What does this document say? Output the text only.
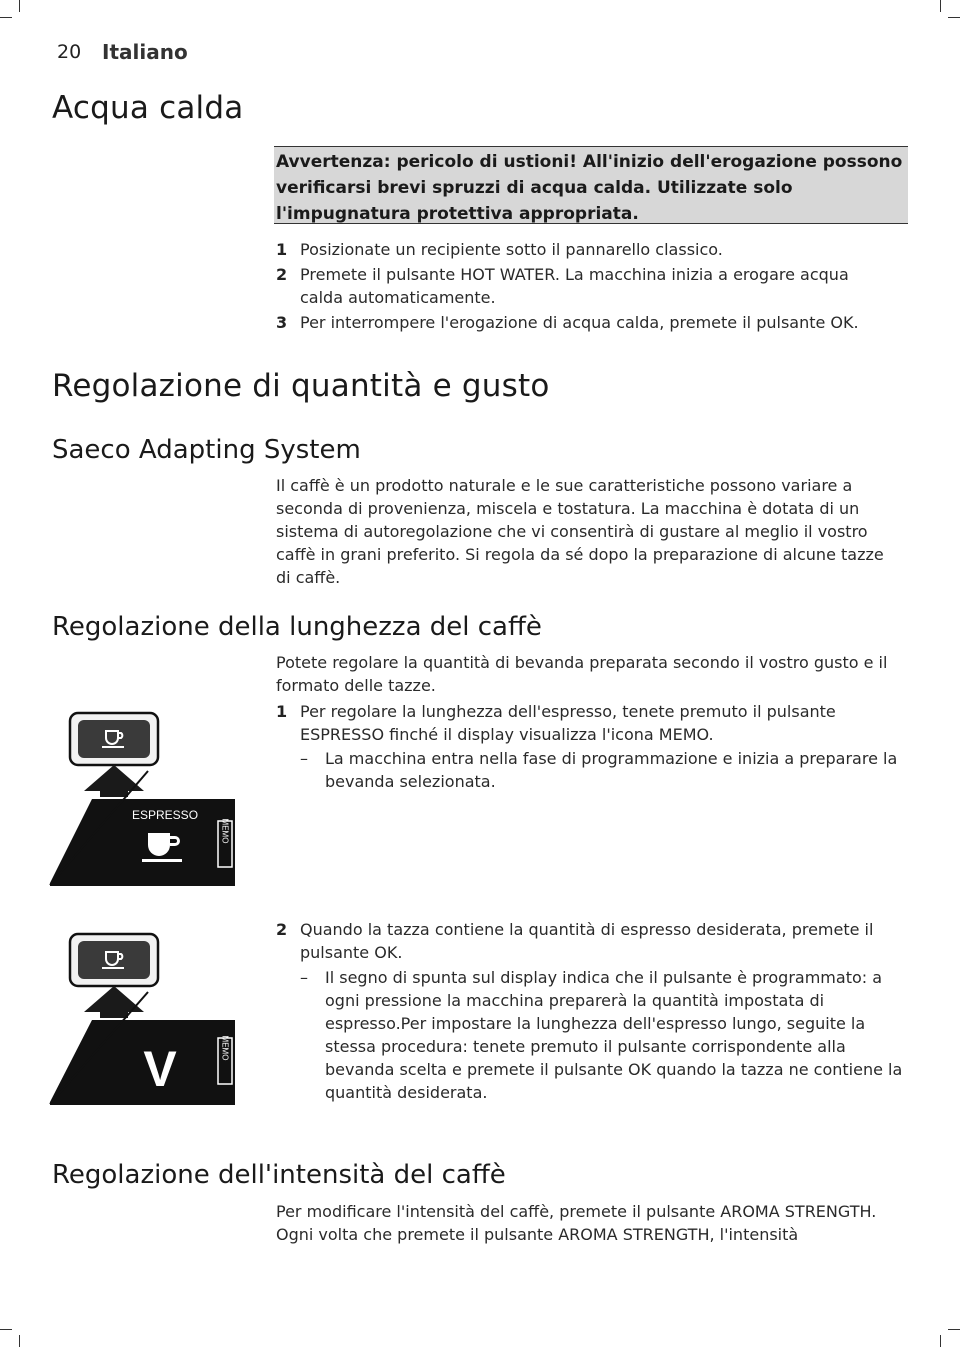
20 Italiano
Acqua calda
Avvertenza: pericolo di ustioni! All'inizio dell'erogazione possono verificarsi brevi spruzzi di acqua calda. Utilizzate solo l'impugnatura protettiva appropriata.
1 Posizionate un recipiente sotto il pannarello classico.
2 Premete il pulsante HOT WATER. La macchina inizia a erogare acqua calda automaticamente.
3 Per interrompere l'erogazione di acqua calda, premete il pulsante OK.
Regolazione di quantità e gusto
Saeco Adapting System
Il caffè è un prodotto naturale e le sue caratteristiche possono variare a seconda di provenienza, miscela e tostatura. La macchina è dotata di un sistema di autoregolazione che vi consentirà di gustare al meglio il vostro caffè in grani preferito. Si regola da sé dopo la preparazione di alcune tazze di caffè.
Regolazione della lunghezza del caffè
Potete regolare la quantità di bevanda preparata secondo il vostro gusto e il formato delle tazze.
1 Per regolare la lunghezza dell'espresso, tenete premuto il pulsante ESPRESSO finché il display visualizza l'icona MEMO.
– La macchina entra nella fase di programmazione e inizia a preparare la bevanda selezionata.
2 Quando la tazza contiene la quantità di espresso desiderata, premete il pulsante OK.
– Il segno di spunta sul display indica che il pulsante è programmato: a ogni pressione la macchina preparerà la quantità impostata di espresso.Per impostare la lunghezza dell'espresso lungo, seguite la stessa procedura: tenete premuto il pulsante corrispondente alla bevanda scelta e premete il pulsante OK quando la tazza ne contiene la quantità desiderata.
ESPRESSO
MEMO
V	MEMO
Regolazione dell'intensità del caffè
Per modificare l'intensità del caffè, premete il pulsante AROMA STRENGTH. Ogni volta che premete il pulsante AROMA STRENGTH, l'intensità
